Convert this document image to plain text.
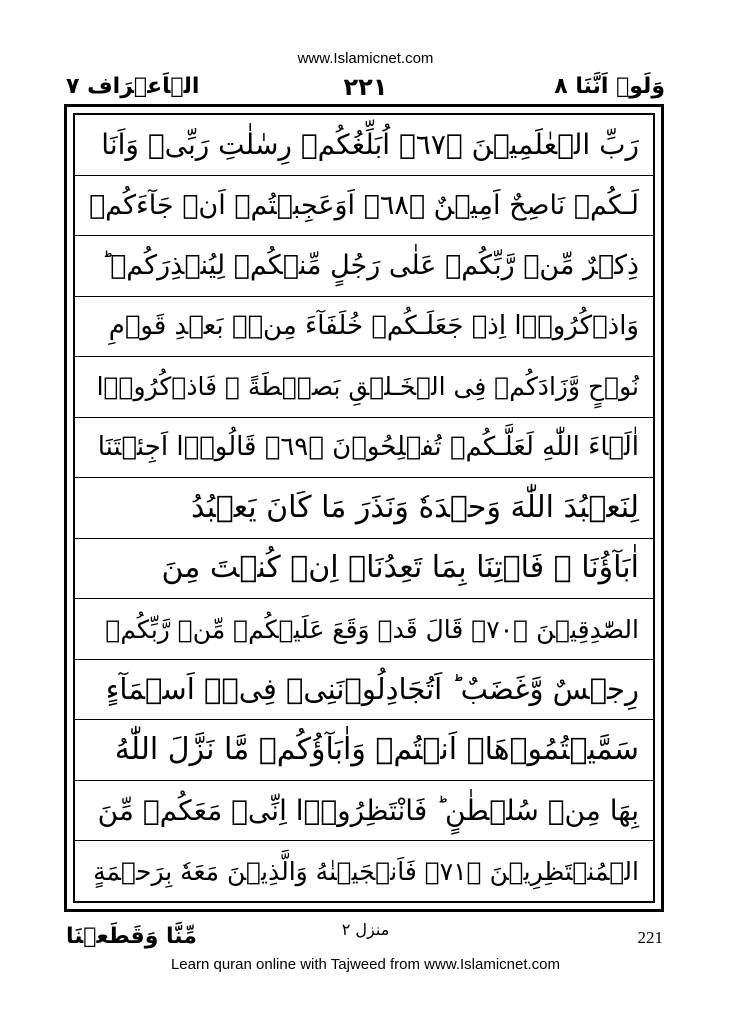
www.Islamicnet.com
وَلَوۡ اَنَّنَا ٨
٢٢١
الۡاَعۡرَاف ٧
رَبِّ الۡعٰلَمِيۡنَ ﴿٦٧﴾ اُبَلِّغُكُمۡ رِسٰلٰتِ رَبِّىۡ وَاَنَا
لَـكُمۡ نَاصِحٌ اَمِيۡنٌ ﴿٦٨﴾ اَوَعَجِبۡتُمۡ اَنۡ جَآءَكُمۡ
ذِكۡرٌ مِّنۡ رَّبِّكُمۡ عَلٰى رَجُلٍ مِّنۡكُمۡ لِيُنۡذِرَكُمۡ ؕ
وَاذۡكُرُوۡۤا اِذۡ جَعَلَـكُمۡ خُلَفَآءَ مِنۡۢ بَعۡدِ قَوۡمِ
نُوۡحٍ وَّزَادَكُمۡ فِى الۡخَـلۡقِ بَصۜۡطَةً ۚ فَاذۡكُرُوۡۤا
اٰلَۤاءَ اللّٰهِ لَعَلَّـكُمۡ تُفۡلِحُوۡنَ ﴿٦٩﴾ قَالُوۡۤا اَجِئۡتَنَا
لِنَعۡبُدَ اللّٰهَ وَحۡدَهٗ وَنَذَرَ مَا كَانَ يَعۡبُدُ
اٰبَآؤُنَا ۚ فَاۡتِنَا بِمَا تَعِدُنَاۤ اِنۡ كُنۡتَ مِنَ
الصّٰدِقِيۡنَ ﴿٧٠﴾ قَالَ قَدۡ وَقَعَ عَلَيۡكُمۡ مِّنۡ رَّبِّكُمۡ
رِجۡسٌ وَّغَضَبٌ ؕ اَتُجَادِلُوۡنَنِىۡ فِىۡۤ اَسۡمَآءٍ
سَمَّيۡتُمُوۡهَاۤ اَنۡتُمۡ وَاٰبَآؤُكُمۡ مَّا نَزَّلَ اللّٰهُ
بِهَا مِنۡ سُلۡطٰنٍ ؕ فَانْتَظِرُوۡۤا اِنِّىۡ مَعَكُمۡ مِّنَ
الۡمُنۡتَظِرِيۡنَ ﴿٧١﴾ فَاَنۡجَيۡنٰهُ وَالَّذِيۡنَ مَعَهٗ بِرَحۡمَةٍ
مِّنَّا وَقَطَعۡنَا	منزل ٢	221
Learn quran online with Tajweed from www.Islamicnet.com
